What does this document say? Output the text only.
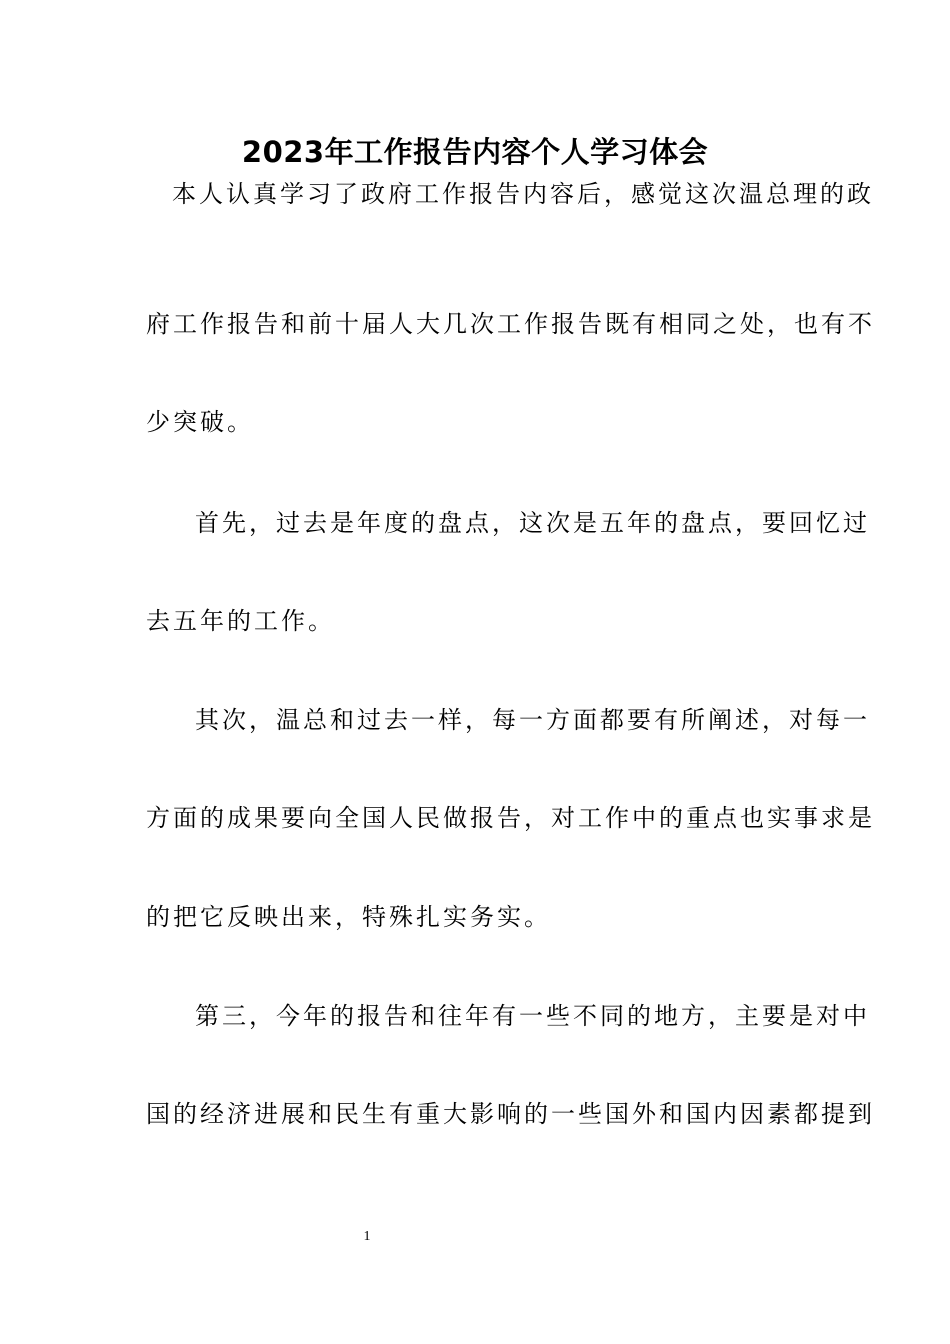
2023年工作报告内容个人学习体会

本人认真学习了政府工作报告内容后，感觉这次温总理的政

府工作报告和前十届人大几次工作报告既有相同之处，也有不

少突破。

首先，过去是年度的盘点，这次是五年的盘点，要回忆过

去五年的工作。

其次，温总和过去一样，每一方面都要有所阐述，对每一

方面的成果要向全国人民做报告，对工作中的重点也实事求是

的把它反映出来，特殊扎实务实。

第三，今年的报告和往年有一些不同的地方，主要是对中

国的经济进展和民生有重大影响的一些国外和国内因素都提到

1
